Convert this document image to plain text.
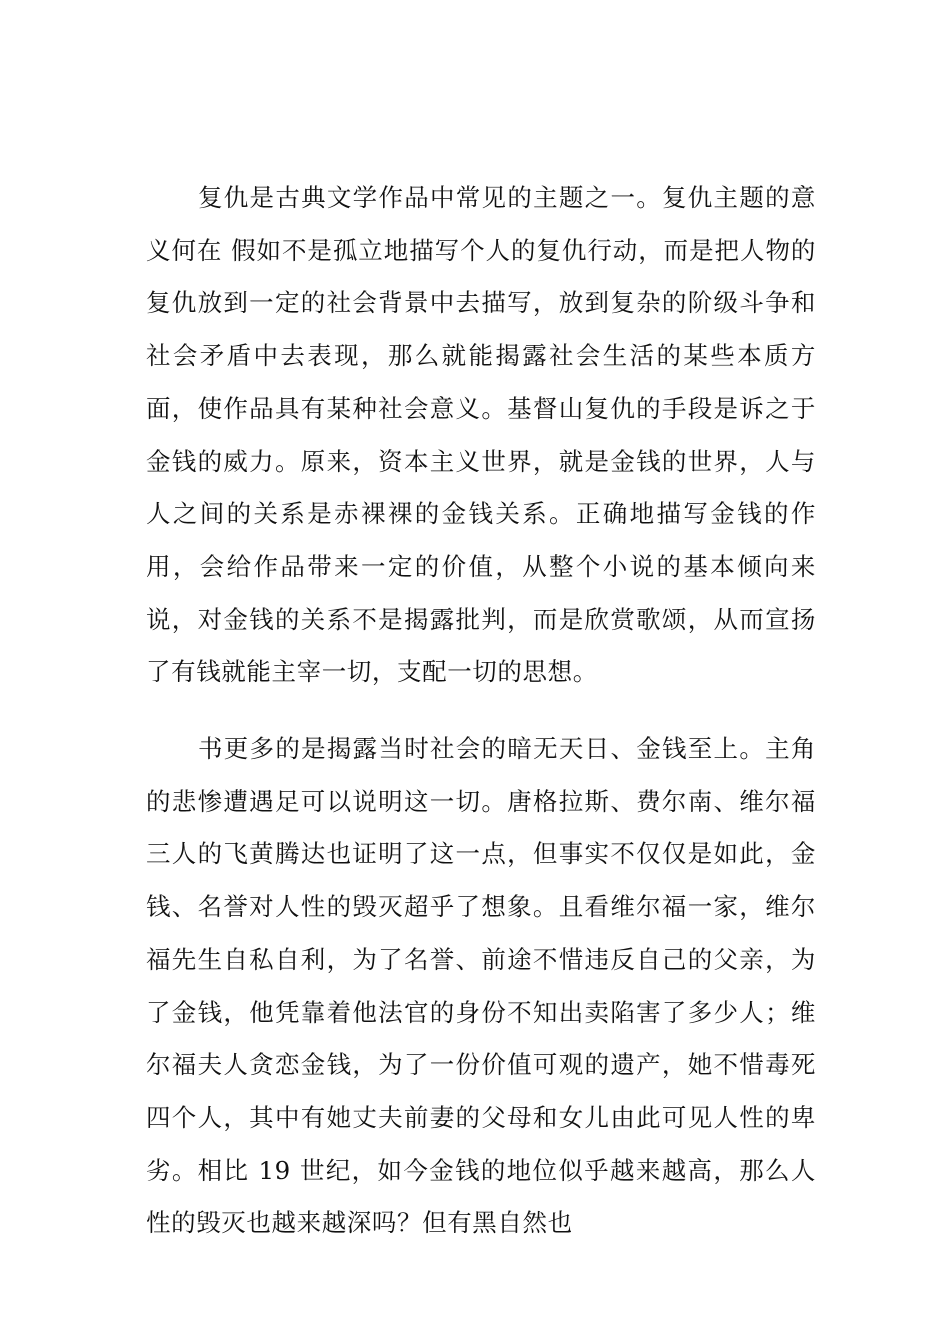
复仇是古典文学作品中常见的主题之一。复仇主题的意义何在 假如不是孤立地描写个人的复仇行动，而是把人物的复仇放到一定的社会背景中去描写，放到复杂的阶级斗争和社会矛盾中去表现，那么就能揭露社会生活的某些本质方面，使作品具有某种社会意义。基督山复仇的手段是诉之于金钱的威力。原来，资本主义世界，就是金钱的世界，人与人之间的关系是赤裸裸的金钱关系。正确地描写金钱的作用，会给作品带来一定的价值，从整个小说的基本倾向来说，对金钱的关系不是揭露批判，而是欣赏歌颂，从而宣扬了有钱就能主宰一切，支配一切的思想。

书更多的是揭露当时社会的暗无天日、金钱至上。主角的悲惨遭遇足可以说明这一切。唐格拉斯、费尔南、维尔福三人的飞黄腾达也证明了这一点，但事实不仅仅是如此，金钱、名誉对人性的毁灭超乎了想象。且看维尔福一家，维尔福先生自私自利，为了名誉、前途不惜违反自己的父亲，为了金钱，他凭靠着他法官的身份不知出卖陷害了多少人；维尔福夫人贪恋金钱，为了一份价值可观的遗产，她不惜毒死四个人，其中有她丈夫前妻的父母和女儿由此可见人性的卑劣。相比 19 世纪，如今金钱的地位似乎越来越高，那么人性的毁灭也越来越深吗？但有黑自然也
